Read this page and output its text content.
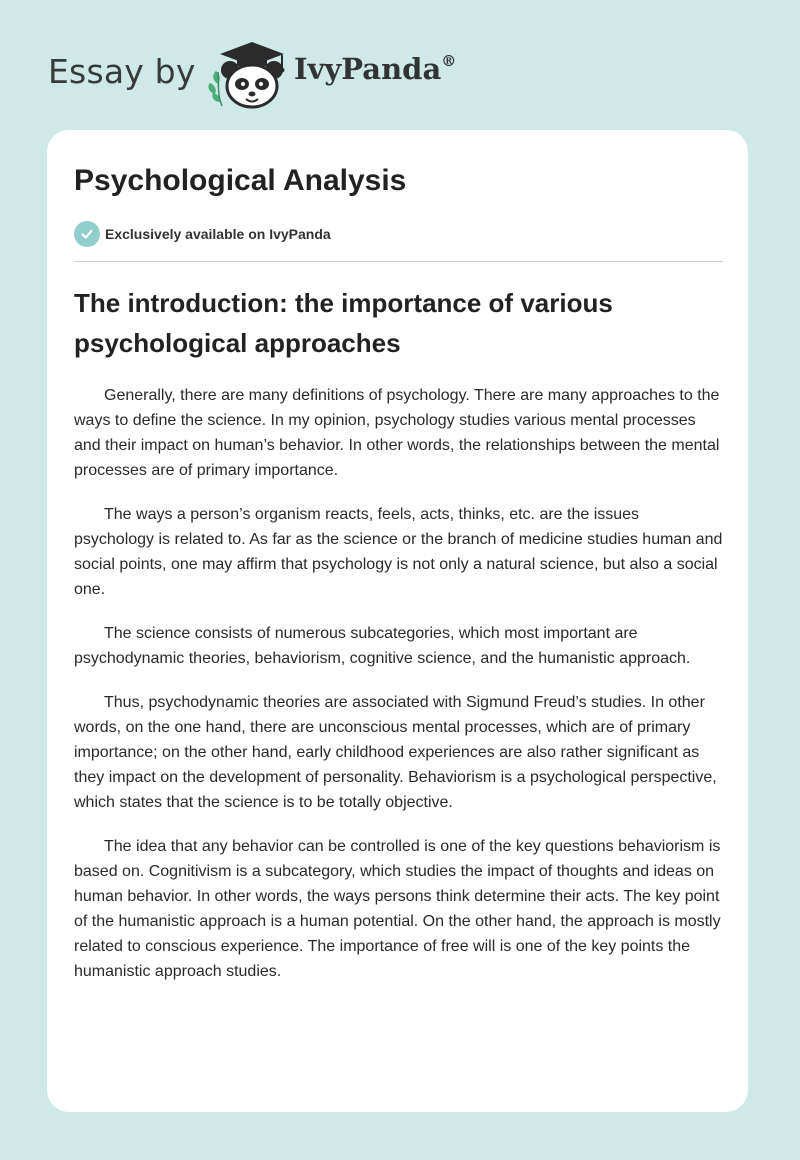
Essay by	IvyPanda®
Psychological Analysis
Exclusively available on IvyPanda
The introduction: the importance of various psychological approaches

Generally, there are many definitions of psychology. There are many approaches to the ways to define the science. In my opinion, psychology studies various mental processes and their impact on human’s behavior. In other words, the relationships between the mental processes are of primary importance.

The ways a person’s organism reacts, feels, acts, thinks, etc. are the issues psychology is related to. As far as the science or the branch of medicine studies human and social points, one may affirm that psychology is not only a natural science, but also a social one.

The science consists of numerous subcategories, which most important are psychodynamic theories, behaviorism, cognitive science, and the humanistic approach.

Thus, psychodynamic theories are associated with Sigmund Freud’s studies. In other words, on the one hand, there are unconscious mental processes, which are of primary importance; on the other hand, early childhood experiences are also rather significant as they impact on the development of personality. Behaviorism is a psychological perspective, which states that the science is to be totally objective.

The idea that any behavior can be controlled is one of the key questions behaviorism is based on. Cognitivism is a subcategory, which studies the impact of thoughts and ideas on human behavior. In other words, the ways persons think determine their acts. The key point of the humanistic approach is a human potential. On the other hand, the approach is mostly related to conscious experience. The importance of free will is one of the key points the humanistic approach studies.
